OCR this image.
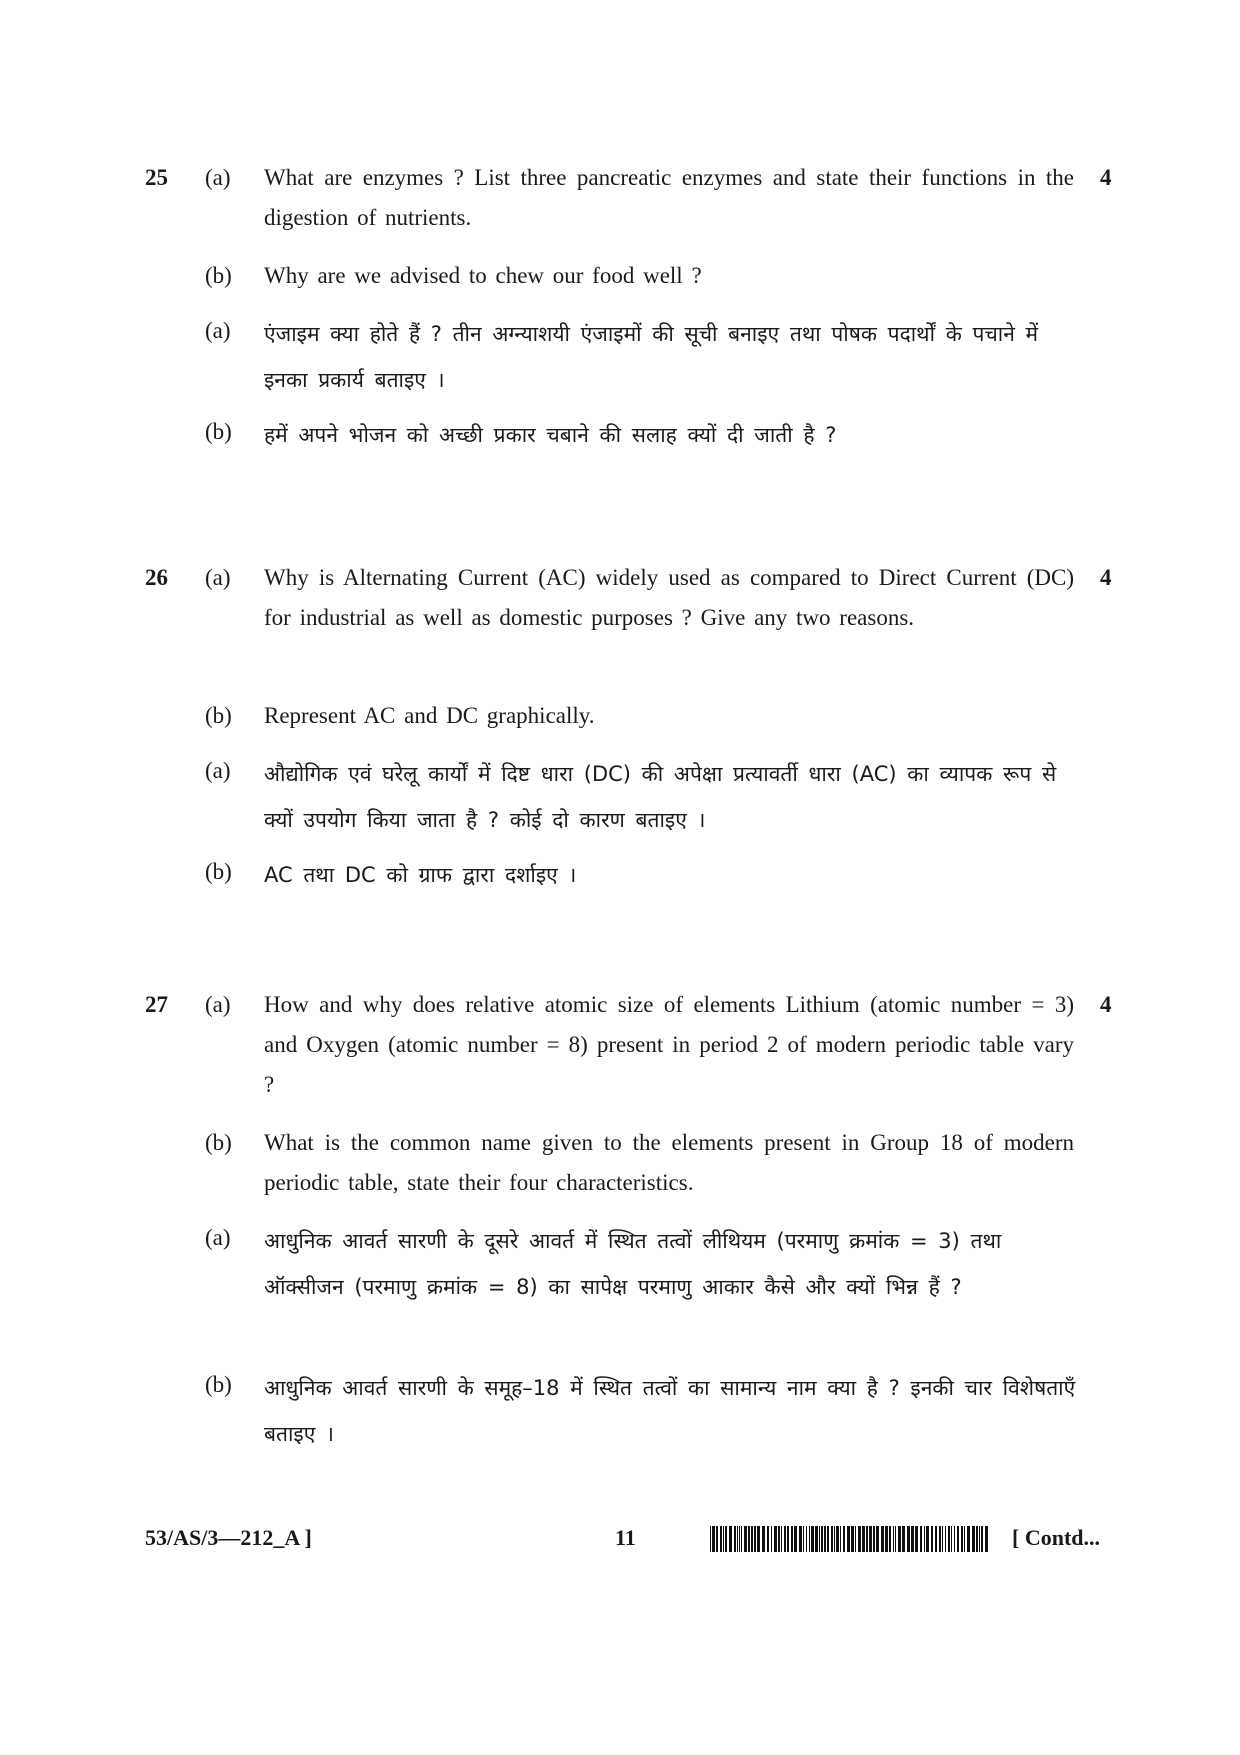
25	4
(a) What are enzymes ? List three pancreatic enzymes and state their functions in the digestion of nutrients.
(b) Why are we advised to chew our food well ?
(a) एंजाइम क्या होते हैं ? तीन अग्न्याशयी एंजाइमों की सूची बनाइए तथा पोषक पदार्थों के पचाने में इनका प्रकार्य बताइए ।
(b) हमें अपने भोजन को अच्छी प्रकार चबाने की सलाह क्यों दी जाती है ?
26	4
(a) Why is Alternating Current (AC) widely used as compared to Direct Current (DC) for industrial as well as domestic purposes ? Give any two reasons.
(b) Represent AC and DC graphically.
(a) औद्योगिक एवं घरेलू कार्यों में दिष्ट धारा (DC) की अपेक्षा प्रत्यावर्ती धारा (AC) का व्यापक रूप से क्यों उपयोग किया जाता है ? कोई दो कारण बताइए ।
(b) AC तथा DC को ग्राफ द्वारा दर्शाइए ।
27	4
(a) How and why does relative atomic size of elements Lithium (atomic number = 3) and Oxygen (atomic number = 8) present in period 2 of modern periodic table vary ?
(b) What is the common name given to the elements present in Group 18 of modern periodic table, state their four characteristics.
(a) आधुनिक आवर्त सारणी के दूसरे आवर्त में स्थित तत्वों लीथियम (परमाणु क्रमांक = 3) तथा ऑक्सीजन (परमाणु क्रमांक = 8) का सापेक्ष परमाणु आकार कैसे और क्यों भिन्न हैं ?
(b) आधुनिक आवर्त सारणी के समूह–18 में स्थित तत्वों का सामान्य नाम क्या है ? इनकी चार विशेषताएँ बताइए ।
53/AS/3—212_A ]	11	[ Contd...
